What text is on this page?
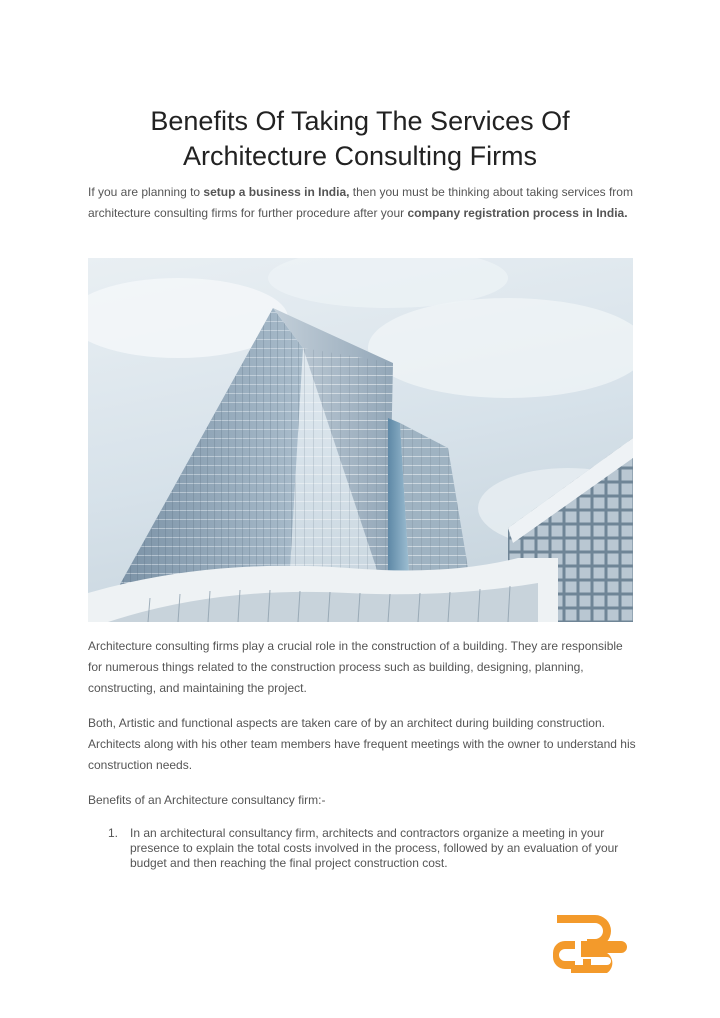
Benefits Of Taking The Services Of
Architecture Consulting Firms

If you are planning to setup a business in India, then you must be thinking about taking services from architecture consulting firms for further procedure after your company registration process in India.

Architecture consulting firms play a crucial role in the construction of a building. They are responsible for numerous things related to the construction process such as building, designing, planning, constructing, and maintaining the project.

Both, Artistic and functional aspects are taken care of by an architect during building construction. Architects along with his other team members have frequent meetings with the owner to understand his construction needs.

Benefits of an Architecture consultancy firm:-

1. In an architectural consultancy firm, architects and contractors organize a meeting in your presence to explain the total costs involved in the process, followed by an evaluation of your budget and then reaching the final project construction cost.
